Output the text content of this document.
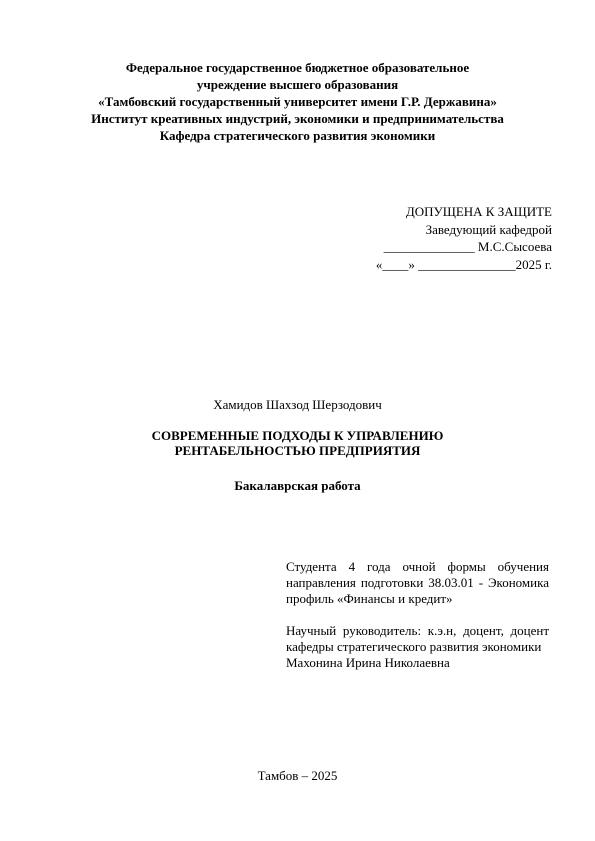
Федеральное государственное бюджетное образовательное
учреждение высшего образования
«Тамбовский государственный университет имени Г.Р. Державина»
Институт креативных индустрий, экономики и предпринимательства
Кафедра стратегического развития экономики
ДОПУЩЕНА К ЗАЩИТЕ
Заведующий кафедрой
______________ М.С.Сысоева
«____» _______________2025 г.
Хамидов Шахзод Шерзодович
СОВРЕМЕННЫЕ ПОДХОДЫ К УПРАВЛЕНИЮ
РЕНТАБЕЛЬНОСТЬЮ ПРЕДПРИЯТИЯ
Бакалаврская работа

Студента 4 года очной формы обучения направления подготовки 38.03.01 - Экономика профиль «Финансы и кредит»

Научный руководитель: к.э.н, доцент, доцент кафедры стратегического развития экономики

Махонина Ирина Николаевна

Тамбов – 2025
